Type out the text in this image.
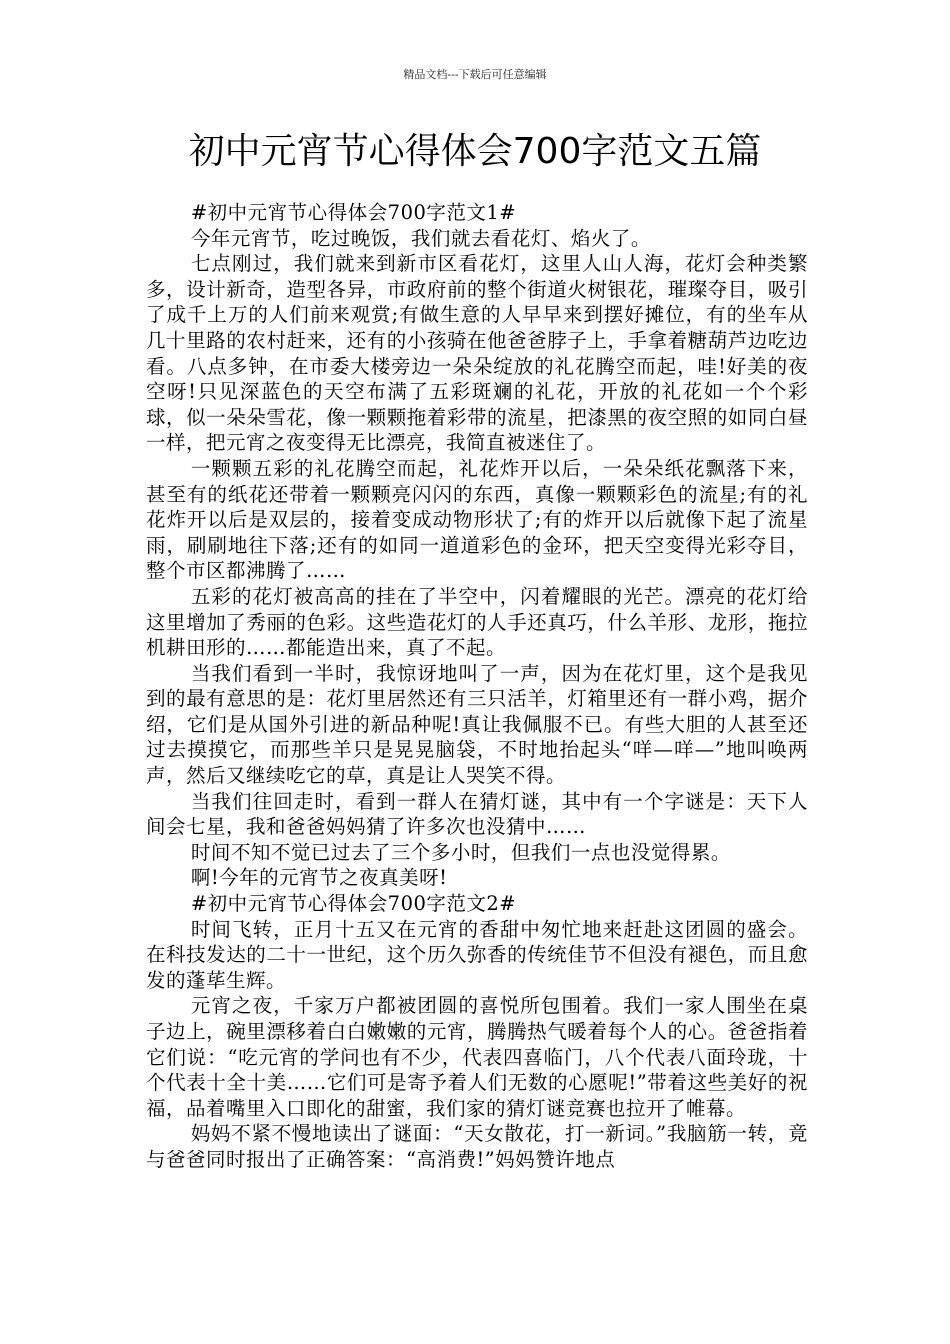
精品文档---下载后可任意编辑
初中元宵节心得体会700字范文五篇

#初中元宵节心得体会700字范文1#

今年元宵节，吃过晚饭，我们就去看花灯、焰火了。

七点刚过，我们就来到新市区看花灯，这里人山人海，花灯会种类繁多，设计新奇，造型各异，市政府前的整个街道火树银花，璀璨夺目，吸引了成千上万的人们前来观赏;有做生意的人早早来到摆好摊位，有的坐车从几十里路的农村赶来，还有的小孩骑在他爸爸脖子上，手拿着糖葫芦边吃边看。八点多钟，在市委大楼旁边一朵朵绽放的礼花腾空而起，哇!好美的夜空呀!只见深蓝色的天空布满了五彩斑斓的礼花，开放的礼花如一个个彩球，似一朵朵雪花，像一颗颗拖着彩带的流星，把漆黑的夜空照的如同白昼一样，把元宵之夜变得无比漂亮，我简直被迷住了。

一颗颗五彩的礼花腾空而起，礼花炸开以后，一朵朵纸花飘落下来，甚至有的纸花还带着一颗颗亮闪闪的东西，真像一颗颗彩色的流星;有的礼花炸开以后是双层的，接着变成动物形状了;有的炸开以后就像下起了流星雨，刷刷地往下落;还有的如同一道道彩色的金环，把天空变得光彩夺目，整个市区都沸腾了……

五彩的花灯被高高的挂在了半空中，闪着耀眼的光芒。漂亮的花灯给这里增加了秀丽的色彩。这些造花灯的人手还真巧，什么羊形、龙形，拖拉机耕田形的……都能造出来，真了不起。

当我们看到一半时，我惊讶地叫了一声，因为在花灯里，这个是我见到的最有意思的是：花灯里居然还有三只活羊，灯箱里还有一群小鸡，据介绍，它们是从国外引进的新品种呢!真让我佩服不已。有些大胆的人甚至还过去摸摸它，而那些羊只是晃晃脑袋，不时地抬起头“咩—咩—”地叫唤两声，然后又继续吃它的草，真是让人哭笑不得。

当我们往回走时，看到一群人在猜灯谜，其中有一个字谜是：天下人间会七星，我和爸爸妈妈猜了许多次也没猜中……

时间不知不觉已过去了三个多小时，但我们一点也没觉得累。

啊!今年的元宵节之夜真美呀!

#初中元宵节心得体会700字范文2#

时间飞转，正月十五又在元宵的香甜中匆忙地来赶赴这团圆的盛会。在科技发达的二十一世纪，这个历久弥香的传统佳节不但没有褪色，而且愈发的蓬荜生辉。

元宵之夜，千家万户都被团圆的喜悦所包围着。我们一家人围坐在桌子边上，碗里漂移着白白嫩嫩的元宵，腾腾热气暖着每个人的心。爸爸指着它们说：“吃元宵的学问也有不少，代表四喜临门，八个代表八面玲珑，十个代表十全十美……它们可是寄予着人们无数的心愿呢!”带着这些美好的祝福，品着嘴里入口即化的甜蜜，我们家的猜灯谜竞赛也拉开了帷幕。

妈妈不紧不慢地读出了谜面：“天女散花，打一新词。”我脑筋一转，竟与爸爸同时报出了正确答案：“高消费!”妈妈赞许地点
